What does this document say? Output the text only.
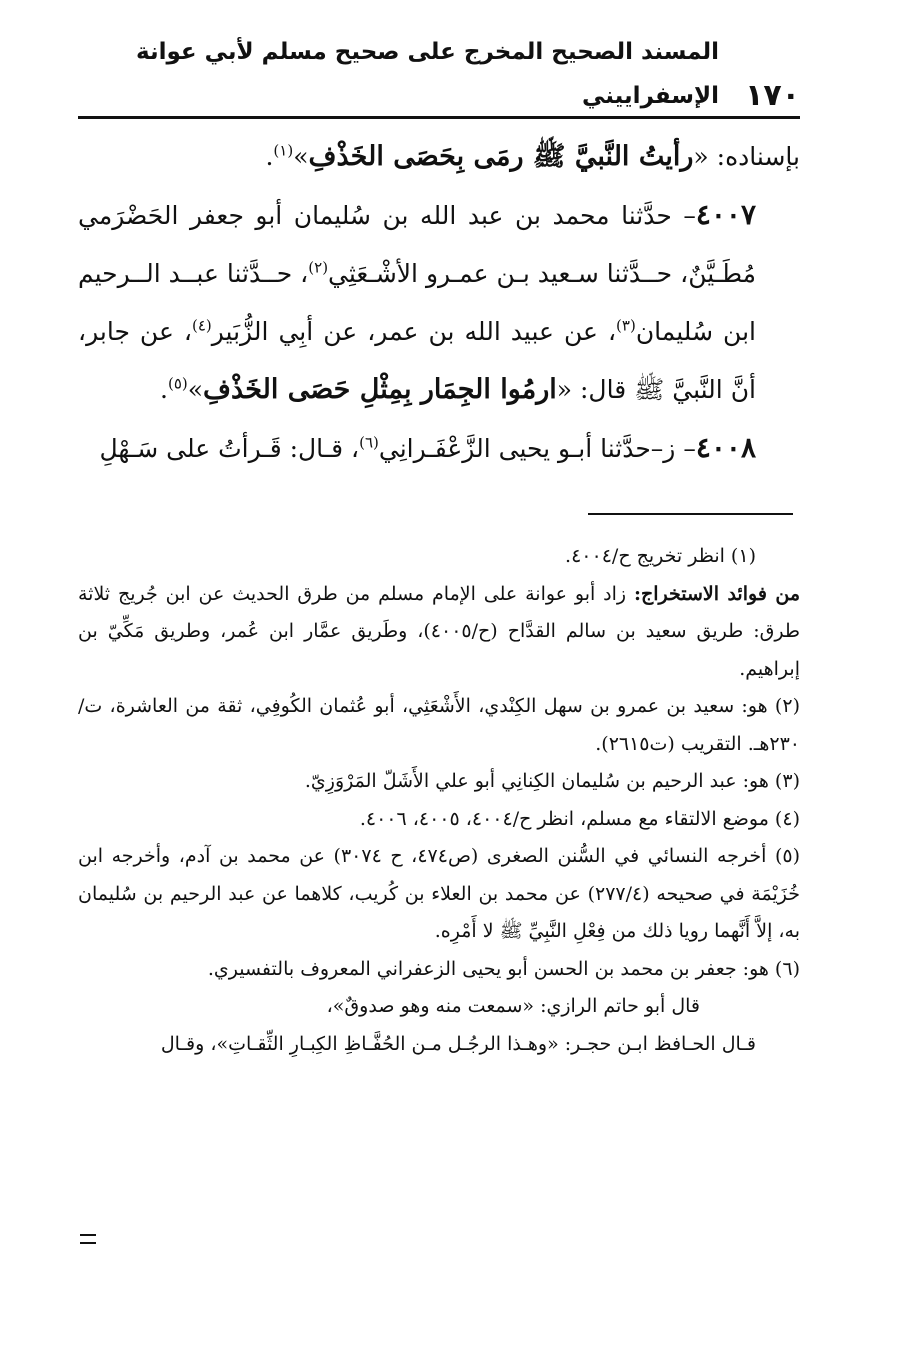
١٧٠
المسند الصحيح المخرج على صحيح مسلم لأبي عوانة الإسفراييني

بإسناده: «رأيتُ النَّبيَّ ﷺ رمَى بِحَصَى الخَذْفِ»$^{(١)}$.

٤٠٠٧– حدَّثنا محمد بن عبد الله بن سُليمان أبو جعفر الحَضْرَمي مُطَـيَّنٌ، حــدَّثنا سـعيد بـن عمـرو الأشْـعَثِي$^{(٢)}$، حــدَّثنا عبــد الــرحيم ابن سُليمان$^{(٣)}$، عن عبيد الله بن عمر، عن أبِي الزُّبَير$^{(٤)}$، عن جابر، أنَّ النَّبيَّ ﷺ قال: «ارمُوا الجِمَار بِمِثْلِ حَصَى الخَذْفِ»$^{(٥)}$.

٤٠٠٨– ز–حدَّثنا أبـو يحيى الزَّعْفَـرانِي$^{(٦)}$، قـال: قَـرأتُ على سَـهْلِ

(١) انظر تخريج ح/٤٠٠٤.

من فوائد الاستخراج: زاد أبو عوانة على الإمام مسلم من طرق الحديث عن ابن جُريج ثلاثة طرق: طريق سعيد بن سالم القدَّاح (ح/٤٠٠٥)، وطَريق عمَّار ابن عُمر، وطريق مَكِّيّ بن إبراهيم.

(٢) هو: سعيد بن عمرو بن سهل الكِنْدي، الأَشْعَثِي، أبو عُثمان الكُوفِي، ثقة من العاشرة، ت/٢٣٠هـ. التقريب (ت٢٦١٥).

(٣) هو: عبد الرحيم بن سُليمان الكِنانِي أبو علي الأَشَلّ المَرْوَزِيّ.

(٤) موضع الالتقاء مع مسلم، انظر ح/٤٠٠٤، ٤٠٠٥، ٤٠٠٦.

(٥) أخرجه النسائي في السُّنن الصغرى (ص٤٧٤، ح ٣٠٧٤) عن محمد بن آدم، وأخرجه ابن خُزَيْمَة في صحيحه (٢٧٧/٤) عن محمد بن العلاء بن كُريب، كلاهما عن عبد الرحيم بن سُليمان به، إلاَّ أَنَّهما رويا ذلك من فِعْلِ النَّبِيِّ ﷺ لا أَمْرِه.

(٦) هو: جعفر بن محمد بن الحسن أبو يحيى الزعفراني المعروف بالتفسيري.

قال أبو حاتم الرازي: «سمعت منه وهو صدوقٌ»،

قـال الحـافظ ابـن حجـر: «وهـذا الرجُـل مـن الحُفَّـاظِ الكِبـارِ الثِّقـاتِ»، وقـال
